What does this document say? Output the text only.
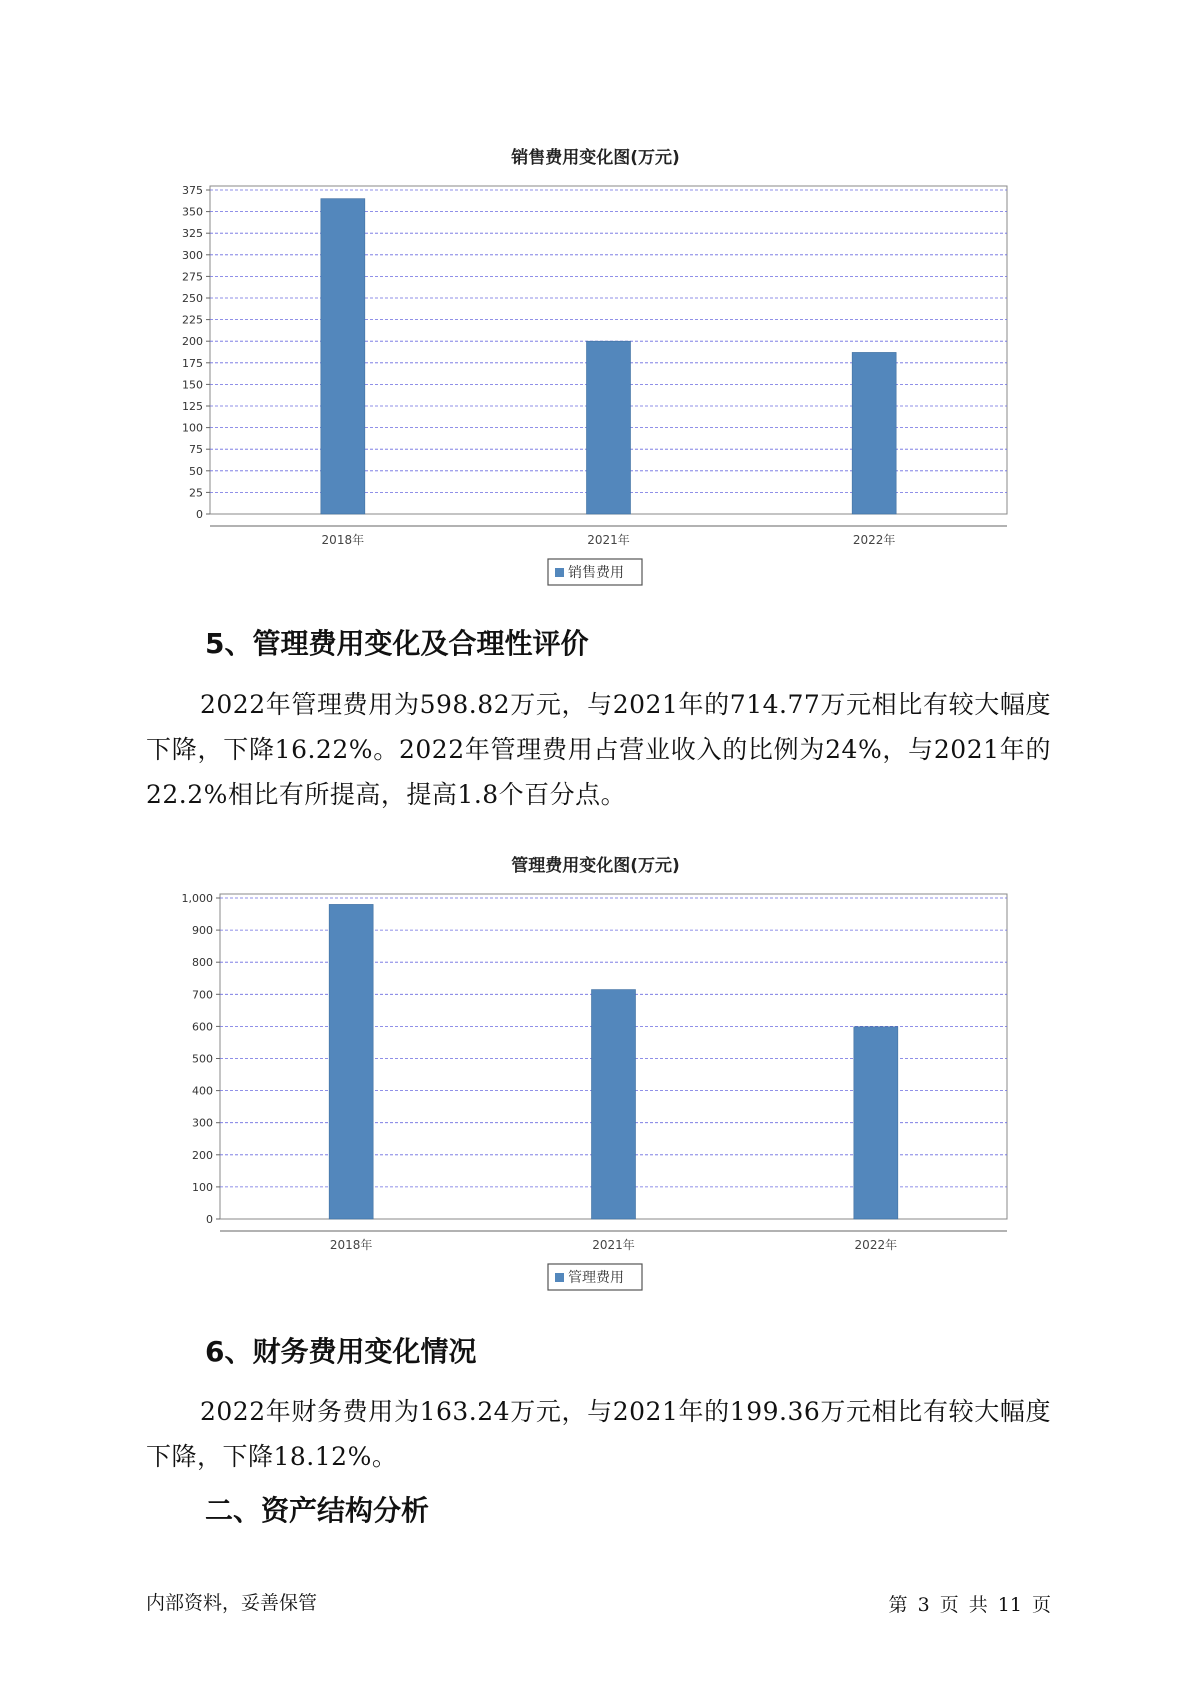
销售费用变化图(万元)
0
25
50
75
100
125
150
175
200
225
250
275
300
325
350
375
2018年	2021年	2022年
销售费用
5、管理费用变化及合理性评价

2022年管理费用为598.82万元，与2021年的714.77万元相比有较大幅度下降，下降16.22%。2022年管理费用占营业收入的比例为24%，与2021年的22.2%相比有所提高，提高1.8个百分点。

管理费用变化图(万元)
0
100
200
300
400
500
600
700
800
900
1,000
2018年	2021年	2022年
管理费用
6、财务费用变化情况

2022年财务费用为163.24万元，与2021年的199.36万元相比有较大幅度下降，下降18.12%。

二、资产结构分析
内部资料，妥善保管	第 3 页 共 11 页
